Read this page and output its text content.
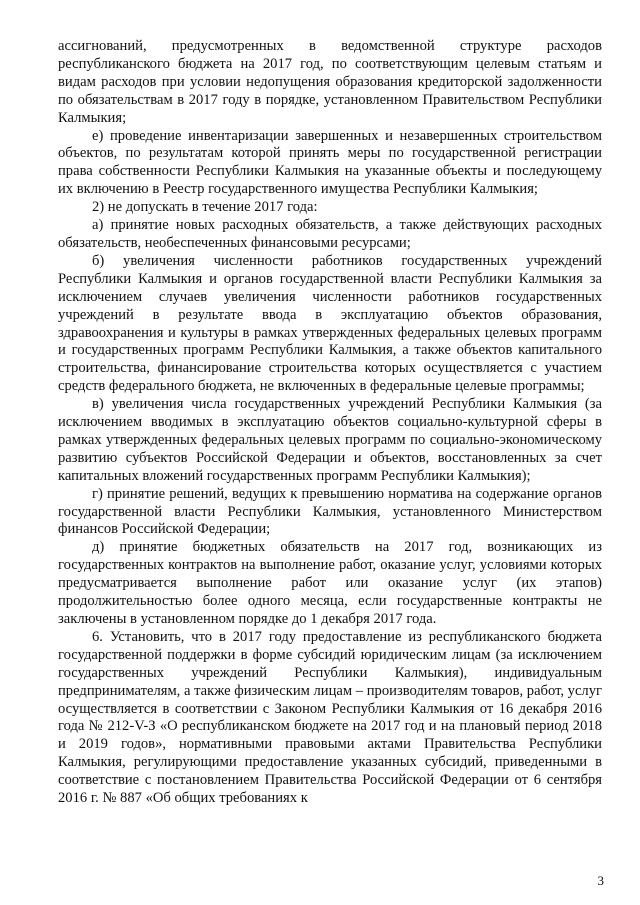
ассигнований, предусмотренных в ведомственной структуре расходов республиканского бюджета на 2017 год, по соответствующим целевым статьям и видам расходов при условии недопущения образования кредиторской задолженности по обязательствам в 2017 году в порядке, установленном Правительством Республики Калмыкия;

е) проведение инвентаризации завершенных и незавершенных строительством объектов, по результатам которой принять меры по государственной регистрации права собственности Республики Калмыкия на указанные объекты и последующему их включению в Реестр государственного имущества Республики Калмыкия;

2) не допускать в течение 2017 года:

а) принятие новых расходных обязательств, а также действующих расходных обязательств, необеспеченных финансовыми ресурсами;

б) увеличения численности работников государственных учреждений Республики Калмыкия и органов государственной власти Республики Калмыкия за исключением случаев увеличения численности работников государственных учреждений в результате ввода в эксплуатацию объектов образования, здравоохранения и культуры в рамках утвержденных федеральных целевых программ и государственных программ Республики Калмыкия, а также объектов капитального строительства, финансирование строительства которых осуществляется с участием средств федерального бюджета, не включенных в федеральные целевые программы;

в) увеличения числа государственных учреждений Республики Калмыкия (за исключением вводимых в эксплуатацию объектов социально-культурной сферы в рамках утвержденных федеральных целевых программ по социально-экономическому развитию субъектов Российской Федерации и объектов, восстановленных за счет капитальных вложений государственных программ Республики Калмыкия);

г) принятие решений, ведущих к превышению норматива на содержание органов государственной власти Республики Калмыкия, установленного Министерством финансов Российской Федерации;

д) принятие бюджетных обязательств на 2017 год, возникающих из государственных контрактов на выполнение работ, оказание услуг, условиями которых предусматривается выполнение работ или оказание услуг (их этапов) продолжительностью более одного месяца, если государственные контракты не заключены в установленном порядке до 1 декабря 2017 года.

6. Установить, что в 2017 году предоставление из республиканского бюджета государственной поддержки в форме субсидий юридическим лицам (за исключением государственных учреждений Республики Калмыкия), индивидуальным предпринимателям, а также физическим лицам – производителям товаров, работ, услуг осуществляется в соответствии с Законом Республики Калмыкия от 16 декабря 2016 года № 212-V-З «О республиканском бюджете на 2017 год и на плановый период 2018 и 2019 годов», нормативными правовыми актами Правительства Республики Калмыкия, регулирующими предоставление указанных субсидий, приведенными в соответствие с постановлением Правительства Российской Федерации от 6 сентября 2016 г. № 887 «Об общих требованиях к

3
